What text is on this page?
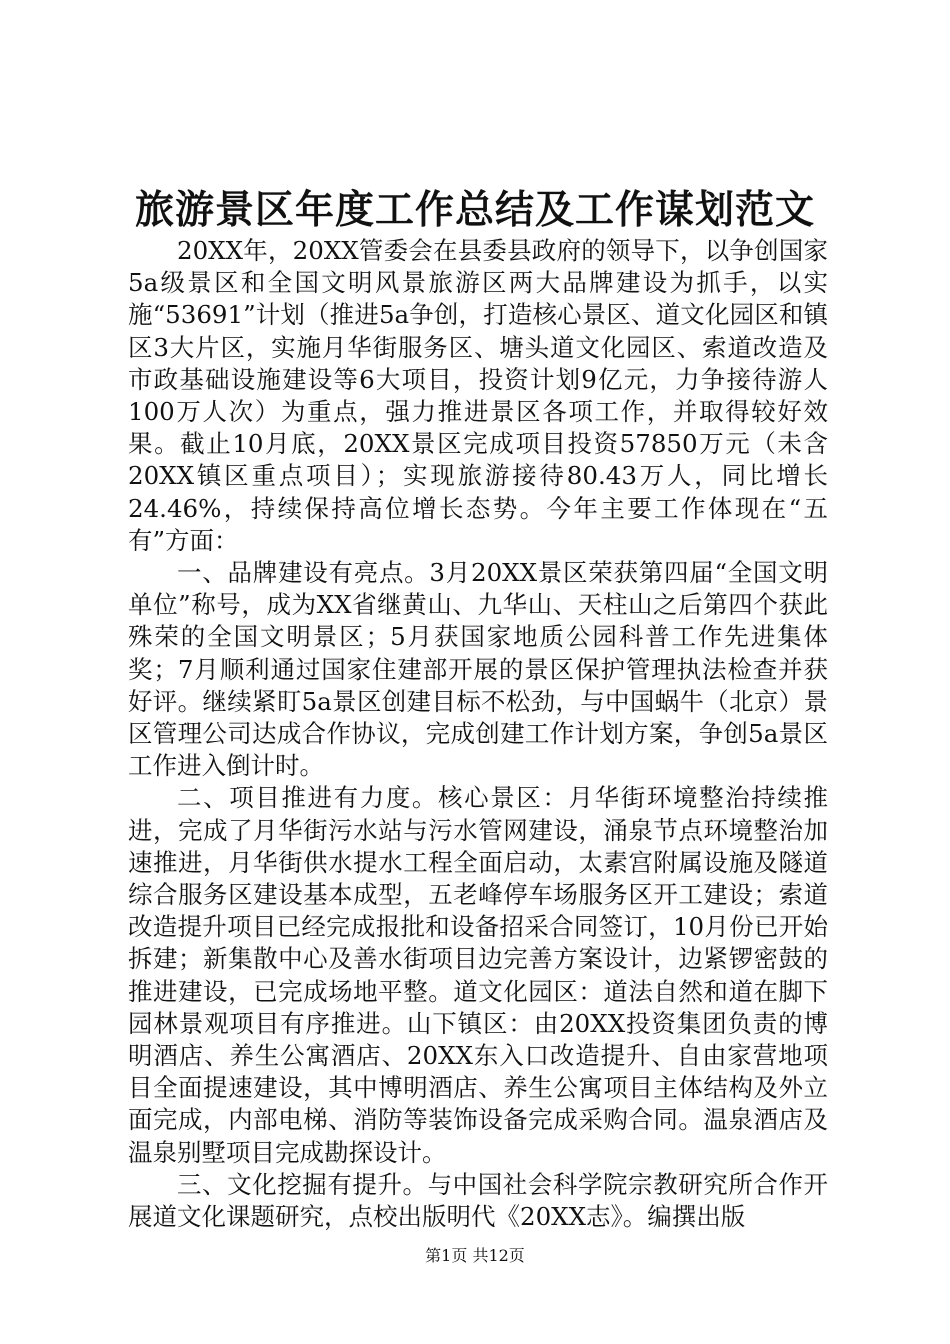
旅游景区年度工作总结及工作谋划范文

20XX年，20XX管委会在县委县政府的领导下，以争创国家5a级景区和全国文明风景旅游区两大品牌建设为抓手，以实施“53691”计划（推进5a争创，打造核心景区、道文化园区和镇区3大片区，实施月华街服务区、塘头道文化园区、索道改造及市政基础设施建设等6大项目，投资计划9亿元，力争接待游人100万人次）为重点，强力推进景区各项工作，并取得较好效果。截止10月底，20XX景区完成项目投资57850万元（未含20XX镇区重点项目）；实现旅游接待80.43万人，同比增长24.46%，持续保持高位增长态势。今年主要工作体现在“五有”方面：

一、品牌建设有亮点。3月20XX景区荣获第四届“全国文明单位”称号，成为XX省继黄山、九华山、天柱山之后第四个获此殊荣的全国文明景区；5月获国家地质公园科普工作先进集体奖；7月顺利通过国家住建部开展的景区保护管理执法检查并获好评。继续紧盯5a景区创建目标不松劲，与中国蜗牛（北京）景区管理公司达成合作协议，完成创建工作计划方案，争创5a景区工作进入倒计时。

二、项目推进有力度。核心景区：月华街环境整治持续推进，完成了月华街污水站与污水管网建设，涌泉节点环境整治加速推进，月华街供水提水工程全面启动，太素宫附属设施及隧道综合服务区建设基本成型，五老峰停车场服务区开工建设；索道改造提升项目已经完成报批和设备招采合同签订，10月份已开始拆建；新集散中心及善水街项目边完善方案设计，边紧锣密鼓的推进建设，已完成场地平整。道文化园区：道法自然和道在脚下园林景观项目有序推进。山下镇区：由20XX投资集团负责的博明酒店、养生公寓酒店、20XX东入口改造提升、自由家营地项目全面提速建设，其中博明酒店、养生公寓项目主体结构及外立面完成，内部电梯、消防等装饰设备完成采购合同。温泉酒店及温泉别墅项目完成勘探设计。

三、文化挖掘有提升。与中国社会科学院宗教研究所合作开展道文化课题研究，点校出版明代《20XX志》。编撰出版

第1页 共12页
